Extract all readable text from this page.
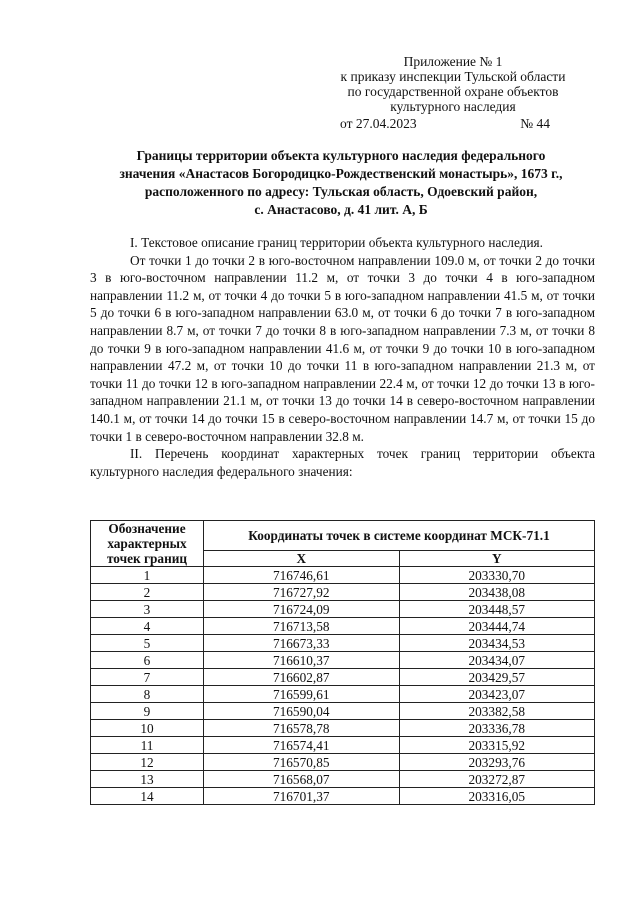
Приложение № 1
к приказу инспекции Тульской области
по государственной охране объектов
культурного наследия
от 27.04.2023	№ 44
Границы территории объекта культурного наследия федерального
значения «Анастасов Богородицко-Рождественский монастырь», 1673 г.,
расположенного по адресу: Тульская область, Одоевский район,
с. Анастасово, д. 41 лит. А, Б

I. Текстовое описание границ территории объекта культурного наследия.

От точки 1 до точки 2 в юго-восточном направлении 109.0 м, от точки 2 до точки 3 в юго-восточном направлении 11.2 м, от точки 3 до точки 4 в юго-западном направлении 11.2 м, от точки 4 до точки 5 в юго-западном направлении 41.5 м, от точки 5 до точки 6 в юго-западном направлении 63.0 м, от точки 6 до точки 7 в юго-западном направлении 8.7 м, от точки 7 до точки 8 в юго-западном направлении 7.3 м, от точки 8 до точки 9 в юго-западном направлении 41.6 м, от точки 9 до точки 10 в юго-западном направлении 47.2 м, от точки 10 до точки 11 в юго-западном направлении 21.3 м, от точки 11 до точки 12 в юго-западном направлении 22.4 м, от точки 12 до точки 13 в юго-западном направлении 21.1 м, от точки 13 до точки 14 в северо-восточном направлении 140.1 м, от точки 14 до точки 15 в северо-восточном направлении 14.7 м, от точки 15 до точки 1 в северо-восточном направлении 32.8 м.

II. Перечень координат характерных точек границ территории объекта культурного наследия федерального значения:

Обозначение характерных точек границ	Координаты точек в системе координат МСК-71.1	
	X	Y
1	716746,61	203330,70
2	716727,92	203438,08
3	716724,09	203448,57
4	716713,58	203444,74
5	716673,33	203434,53
6	716610,37	203434,07
7	716602,87	203429,57
8	716599,61	203423,07
9	716590,04	203382,58
10	716578,78	203336,78
11	716574,41	203315,92
12	716570,85	203293,76
13	716568,07	203272,87
14	716701,37	203316,05
